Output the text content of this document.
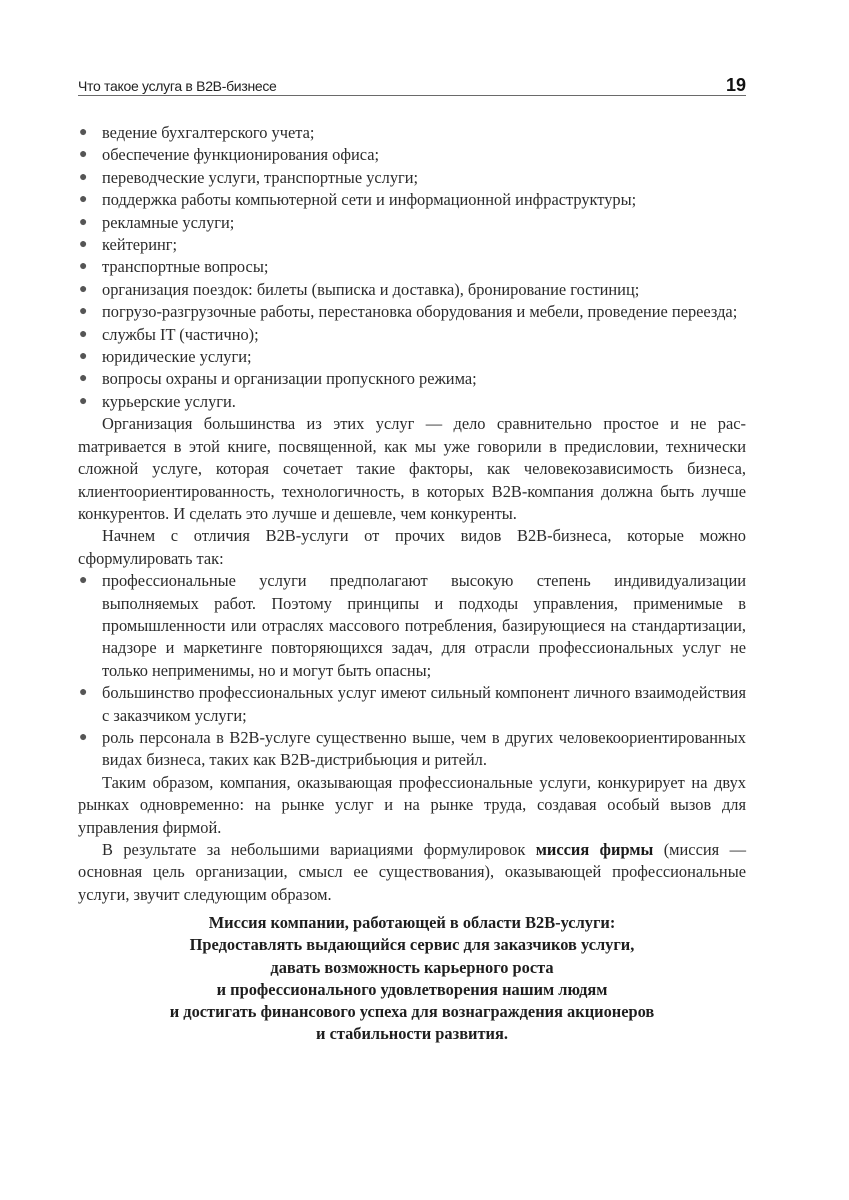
Что такое услуга в B2B-бизнесе	19
● ведение бухгалтерского учета;
● обеспечение функционирования офиса;
● переводческие услуги, транспортные услуги;
● поддержка работы компьютерной сети и информационной инфраструктуры;
● рекламные услуги;
● кейтеринг;
● транспортные вопросы;
● организация поездок: билеты (выписка и доставка), бронирование гостиниц;
● погрузо-разгрузочные работы, перестановка оборудования и мебели, проведение переезда;
● службы IT (частично);
● юридические услуги;
● вопросы охраны и организации пропускного режима;
● курьерские услуги.

Организация большинства из этих услуг — дело сравнительно простое и не расmатривается в этой книге, посвященной, как мы уже говорили в предисловии, технически сложной услуге, которая сочетает такие факторы, как человекозависимость бизнеса, клиентоориентированность, технологичность, в которых B2B-компания должна быть лучше конкурентов. И сделать это лучше и дешевле, чем конкуренты.

Начнем с отличия B2B-услуги от прочих видов B2B-бизнеса, которые можно сформулировать так:

● профессиональные услуги предполагают высокую степень индивидуализации выполняемых работ. Поэтому принципы и подходы управления, применимые в промышленности или отраслях массового потребления, базирующиеся на стандартизации, надзоре и маркетинге повторяющихся задач, для отрасли профессиональных услуг не только неприменимы, но и могут быть опасны;
● большинство профессиональных услуг имеют сильный компонент личного взаимодействия с заказчиком услуги;
● роль персонала в B2B-услуге существенно выше, чем в других человекоориентированных видах бизнеса, таких как B2B-дистрибьюция и ритейл.

Таким образом, компания, оказывающая профессиональные услуги, конкурирует на двух рынках одновременно: на рынке услуг и на рынке труда, создавая особый вызов для управления фирмой.

В результате за небольшими вариациями формулировок миссия фирмы (миссия — основная цель организации, смысл ее существования), оказывающей профессиональные услуги, звучит следующим образом.

Миссия компании, работающей в области B2B-услуги:
Предоставлять выдающийся сервис для заказчиков услуги,
давать возможность карьерного роста
и профессионального удовлетворения нашим людям
и достигать финансового успеха для вознаграждения акционеров
и стабильности развития.
